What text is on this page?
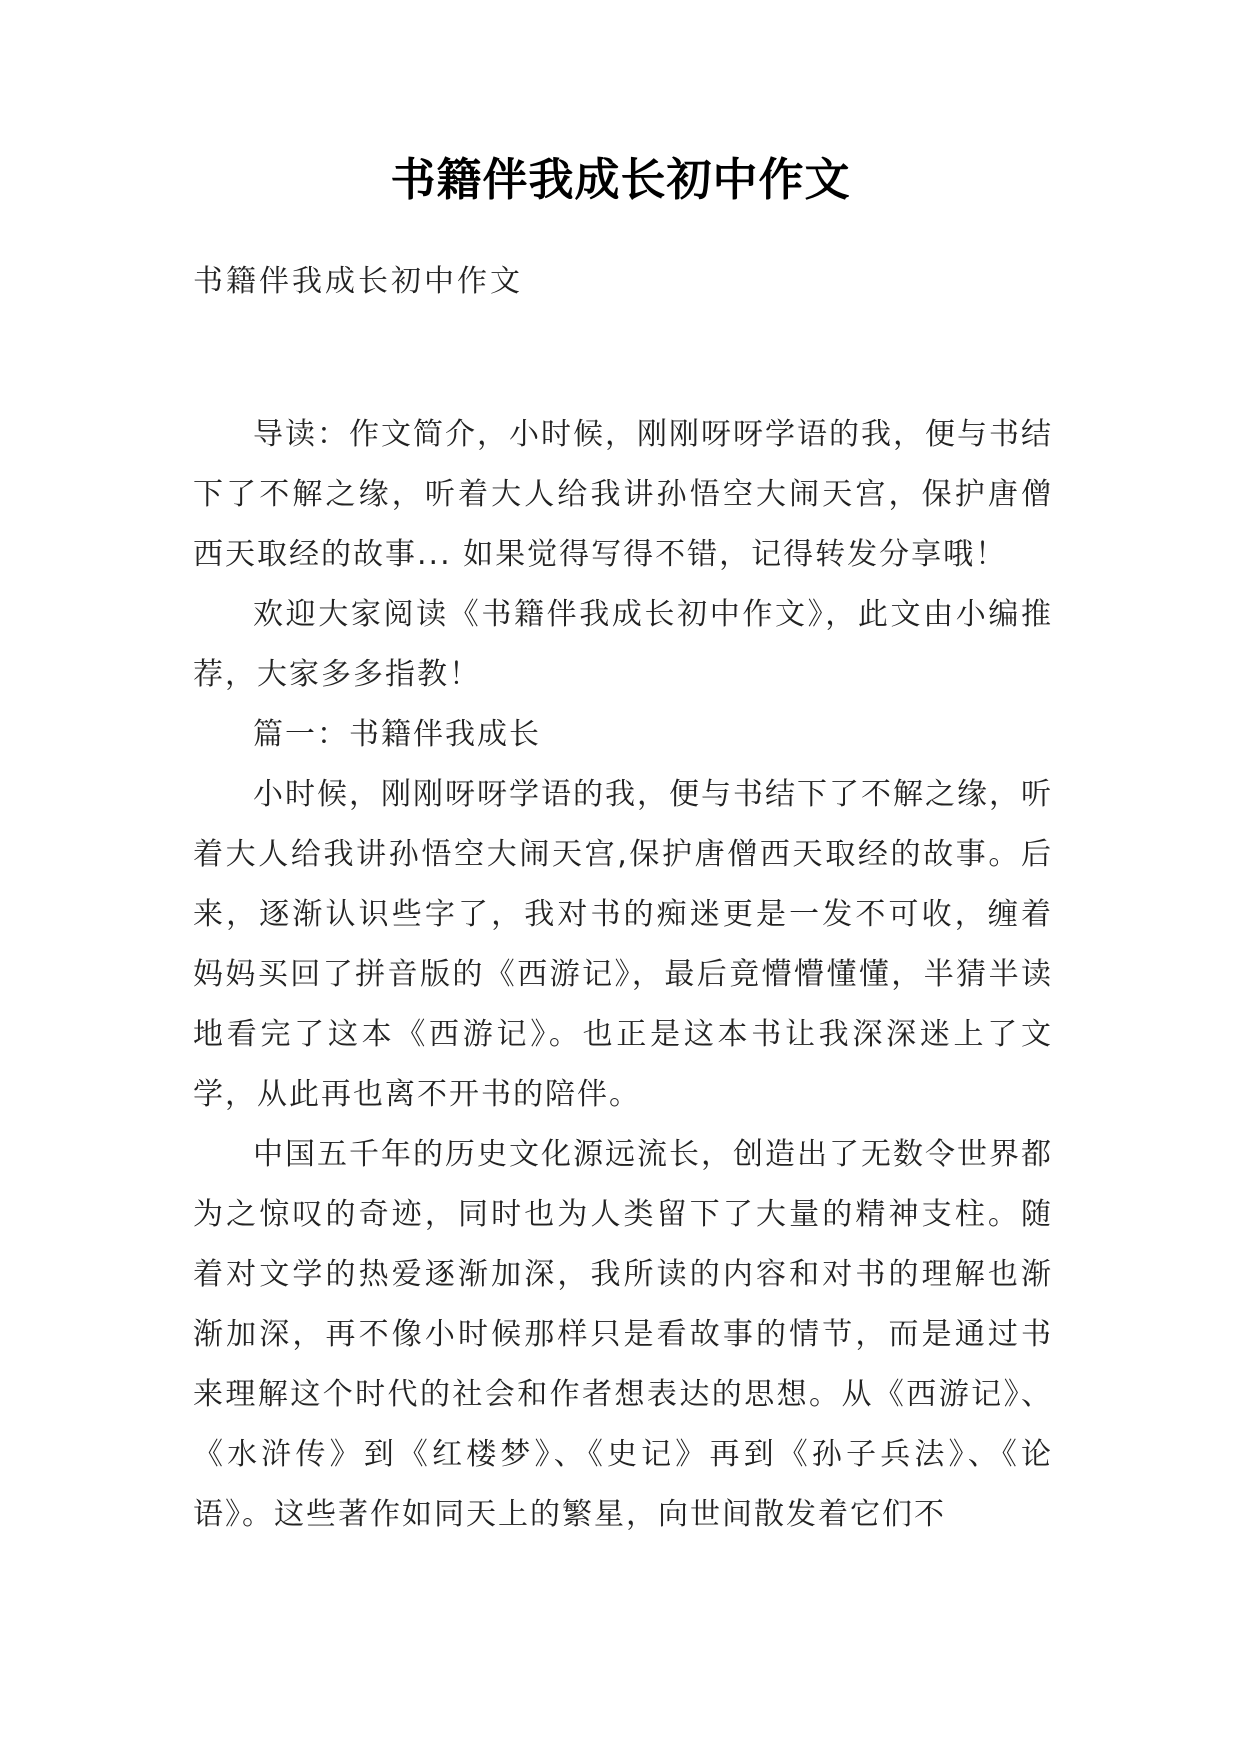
书籍伴我成长初中作文
书籍伴我成长初中作文

导读：作文简介，小时候，刚刚呀呀学语的我，便与书结下了不解之缘，听着大人给我讲孙悟空大闹天宫，保护唐僧西天取经的故事... 如果觉得写得不错，记得转发分享哦！

欢迎大家阅读《书籍伴我成长初中作文》，此文由小编推荐，大家多多指教！

篇一：书籍伴我成长

小时候，刚刚呀呀学语的我，便与书结下了不解之缘，听着大人给我讲孙悟空大闹天宫,保护唐僧西天取经的故事。后来，逐渐认识些字了，我对书的痴迷更是一发不可收，缠着妈妈买回了拼音版的《西游记》，最后竟懵懵懂懂，半猜半读地看完了这本《西游记》。也正是这本书让我深深迷上了文学，从此再也离不开书的陪伴。

中国五千年的历史文化源远流长，创造出了无数令世界都为之惊叹的奇迹，同时也为人类留下了大量的精神支柱。随着对文学的热爱逐渐加深，我所读的内容和对书的理解也渐渐加深，再不像小时候那样只是看故事的情节，而是通过书来理解这个时代的社会和作者想表达的思想。从《西游记》、《水浒传》到《红楼梦》、《史记》再到《孙子兵法》、《论语》。这些著作如同天上的繁星，向世间散发着它们不
